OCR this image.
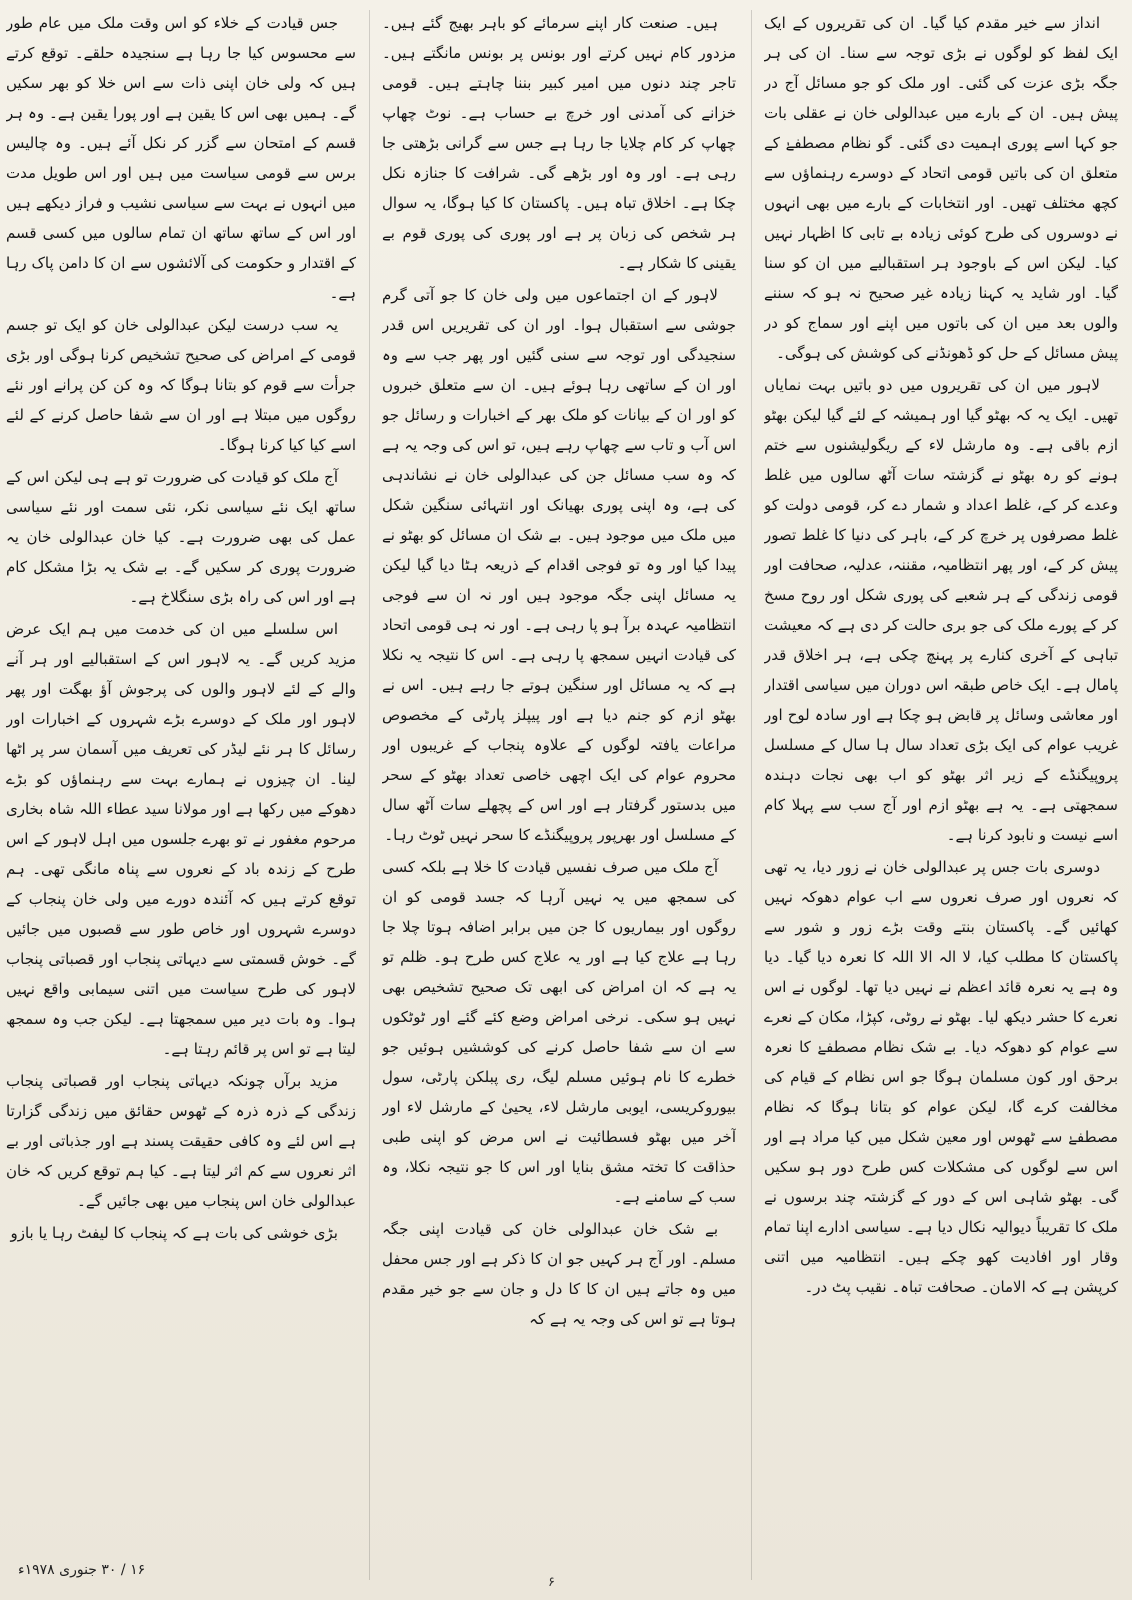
انداز سے خیر مقدم کیا گیا۔ ان کی تقریروں کے ایک ایک لفظ کو لوگوں نے بڑی توجہ سے سنا۔ ان کی ہر جگہ بڑی عزت کی گئی۔ اور ملک کو جو مسائل آج در پیش ہیں۔ ان کے بارے میں عبدالولی خان نے عقلی بات جو کہا اسے پوری اہمیت دی گئی۔ گو نظام مصطفےٰ کے متعلق ان کی باتیں قومی اتحاد کے دوسرے رہنماؤں سے کچھ مختلف تھیں۔ اور انتخابات کے بارے میں بھی انہوں نے دوسروں کی طرح کوئی زیادہ بے تابی کا اظہار نہیں کیا۔ لیکن اس کے باوجود ہر استقبالیے میں ان کو سنا گیا۔ اور شاید یہ کہنا زیادہ غیر صحیح نہ ہو کہ سننے والوں بعد میں ان کی باتوں میں اپنے اور سماج کو در پیش مسائل کے حل کو ڈھونڈنے کی کوشش کی ہوگی۔

لاہور میں ان کی تقریروں میں دو باتیں بہت نمایاں تھیں۔ ایک یہ کہ بھٹو گیا اور ہمیشہ کے لئے گیا لیکن بھٹو ازم باقی ہے۔ وہ مارشل لاء کے ریگولیشنوں سے ختم ہونے کو رہ بھٹو نے گزشتہ سات آٹھ سالوں میں غلط وعدے کر کے، غلط اعداد و شمار دے کر، قومی دولت کو غلط مصرفوں پر خرچ کر کے، باہر کی دنیا کا غلط تصور پیش کر کے، اور پھر انتظامیہ، مقننہ، عدلیہ، صحافت اور قومی زندگی کے ہر شعبے کی پوری شکل اور روح مسخ کر کے پورے ملک کی جو بری حالت کر دی ہے کہ معیشت تباہی کے آخری کنارے پر پہنچ چکی ہے، ہر اخلاق قدر پامال ہے۔ ایک خاص طبقہ اس دوران میں سیاسی اقتدار اور معاشی وسائل پر قابض ہو چکا ہے اور سادہ لوح اور غریب عوام کی ایک بڑی تعداد سال ہا سال کے مسلسل پروپیگنڈے کے زیر اثر بھٹو کو اب بھی نجات دہندہ سمجھتی ہے۔ یہ ہے بھٹو ازم اور آج سب سے پہلا کام اسے نیست و نابود کرنا ہے۔

دوسری بات جس پر عبدالولی خان نے زور دیا، یہ تھی کہ نعروں اور صرف نعروں سے اب عوام دھوکہ نہیں کھائیں گے۔ پاکستان بنتے وقت بڑے زور و شور سے پاکستان کا مطلب کیا، لا الہ الا اللہ کا نعرہ دیا گیا۔ دیا وہ ہے یہ نعرہ قائد اعظم نے نہیں دیا تھا۔ لوگوں نے اس نعرے کا حشر دیکھ لیا۔ بھٹو نے روٹی، کپڑا، مکان کے نعرے سے عوام کو دھوکہ دیا۔ بے شک نظام مصطفےٰ کا نعرہ برحق اور کون مسلمان ہوگا جو اس نظام کے قیام کی مخالفت کرے گا، لیکن عوام کو بتانا ہوگا کہ نظام مصطفےٰ سے ٹھوس اور معین شکل میں کیا مراد ہے اور اس سے لوگوں کی مشکلات کس طرح دور ہو سکیں گی۔ بھٹو شاہی اس کے دور کے گزشتہ چند برسوں نے ملک کا تقریباً دیوالیہ نکال دیا ہے۔ سیاسی ادارے اپنا تمام وقار اور افادیت کھو چکے ہیں۔ انتظامیہ میں اتنی کرپشن ہے کہ الامان۔ صحافت تباہ۔ نقیب پٹ در۔

ہیں۔ صنعت کار اپنے سرمائے کو باہر بھیج گئے ہیں۔ مزدور کام نہیں کرتے اور بونس پر بونس مانگتے ہیں۔ تاجر چند دنوں میں امیر کبیر بننا چاہتے ہیں۔ قومی خزانے کی آمدنی اور خرچ بے حساب ہے۔ نوٹ چھاپ چھاپ کر کام چلایا جا رہا ہے جس سے گرانی بڑھتی جا رہی ہے۔ اور وہ اور بڑھے گی۔ شرافت کا جنازہ نکل چکا ہے۔ اخلاق تباہ ہیں۔ پاکستان کا کیا ہوگا، یہ سوال ہر شخص کی زبان پر ہے اور پوری کی پوری قوم بے یقینی کا شکار ہے۔

لاہور کے ان اجتماعوں میں ولی خان کا جو آتی گرم جوشی سے استقبال ہوا۔ اور ان کی تقریریں اس قدر سنجیدگی اور توجہ سے سنی گئیں اور پھر جب سے وہ اور ان کے ساتھی رہا ہوئے ہیں۔ ان سے متعلق خبروں کو اور ان کے بیانات کو ملک بھر کے اخبارات و رسائل جو اس آب و تاب سے چھاپ رہے ہیں، تو اس کی وجہ یہ ہے کہ وہ سب مسائل جن کی عبدالولی خان نے نشاندہی کی ہے، وہ اپنی پوری بھیانک اور انتہائی سنگین شکل میں ملک میں موجود ہیں۔ بے شک ان مسائل کو بھٹو نے پیدا کیا اور وہ تو فوجی اقدام کے ذریعہ ہٹا دیا گیا لیکن یہ مسائل اپنی جگہ موجود ہیں اور نہ ان سے فوجی انتظامیہ عہدہ برآ ہو پا رہی ہے۔ اور نہ ہی قومی اتحاد کی قیادت انہیں سمجھ پا رہی ہے۔ اس کا نتیجہ یہ نکلا ہے کہ یہ مسائل اور سنگین ہوتے جا رہے ہیں۔ اس نے بھٹو ازم کو جنم دیا ہے اور پیپلز پارٹی کے مخصوص مراعات یافتہ لوگوں کے علاوہ پنجاب کے غریبوں اور محروم عوام کی ایک اچھی خاصی تعداد بھٹو کے سحر میں بدستور گرفتار ہے اور اس کے پچھلے سات آٹھ سال کے مسلسل اور بھرپور پروپیگنڈے کا سحر نہیں ٹوٹ رہا۔

آج ملک میں صرف نفسیں قیادت کا خلا ہے بلکہ کسی کی سمجھ میں یہ نہیں آرہا کہ جسد قومی کو ان روگوں اور بیماریوں کا جن میں برابر اضافہ ہوتا چلا جا رہا ہے علاج کیا ہے اور یہ علاج کس طرح ہو۔ ظلم تو یہ ہے کہ ان امراض کی ابھی تک صحیح تشخیص بھی نہیں ہو سکی۔ نرخی امراض وضع کئے گئے اور ٹوٹکوں سے ان سے شفا حاصل کرنے کی کوششیں ہوئیں جو خطرے کا نام ہوئیں مسلم لیگ، ری پبلکن پارٹی، سول بیوروکریسی، ایوبی مارشل لاء، یحییٰ کے مارشل لاء اور آخر میں بھٹو فسطائیت نے اس مرض کو اپنی طبی حذاقت کا تختہ مشق بنایا اور اس کا جو نتیجہ نکلا، وہ سب کے سامنے ہے۔

بے شک خان عبدالولی خان کی قیادت اپنی جگہ مسلم۔ اور آج ہر کہیں جو ان کا ذکر ہے اور جس محفل میں وہ جاتے ہیں ان کا کا دل و جان سے جو خیر مقدم ہوتا ہے تو اس کی وجہ یہ ہے کہ

جس قیادت کے خلاء کو اس وقت ملک میں عام طور سے محسوس کیا جا رہا ہے سنجیدہ حلقے۔ توقع کرتے ہیں کہ ولی خان اپنی ذات سے اس خلا کو بھر سکیں گے۔ ہمیں بھی اس کا یقین ہے اور پورا یقین ہے۔ وہ ہر قسم کے امتحان سے گزر کر نکل آئے ہیں۔ وہ چالیس برس سے قومی سیاست میں ہیں اور اس طویل مدت میں انہوں نے بہت سے سیاسی نشیب و فراز دیکھے ہیں اور اس کے ساتھ ساتھ ان تمام سالوں میں کسی قسم کے اقتدار و حکومت کی آلائشوں سے ان کا دامن پاک رہا ہے۔

یہ سب درست لیکن عبدالولی خان کو ایک تو جسم قومی کے امراض کی صحیح تشخیص کرنا ہوگی اور بڑی جرأت سے قوم کو بتانا ہوگا کہ وہ کن کن پرانے اور نئے روگوں میں مبتلا ہے اور ان سے شفا حاصل کرنے کے لئے اسے کیا کیا کرنا ہوگا۔

آج ملک کو قیادت کی ضرورت تو ہے ہی لیکن اس کے ساتھ ایک نئے سیاسی نکر، نئی سمت اور نئے سیاسی عمل کی بھی ضرورت ہے۔ کیا خان عبدالولی خان یہ ضرورت پوری کر سکیں گے۔ بے شک یہ بڑا مشکل کام ہے اور اس کی راہ بڑی سنگلاخ ہے۔

اس سلسلے میں ان کی خدمت میں ہم ایک عرض مزید کریں گے۔ یہ لاہور اس کے استقبالیے اور ہر آنے والے کے لئے لاہور والوں کی پرجوش آؤ بھگت اور پھر لاہور اور ملک کے دوسرے بڑے شہروں کے اخبارات اور رسائل کا ہر نئے لیڈر کی تعریف میں آسمان سر پر اٹھا لینا۔ ان چیزوں نے ہمارے بہت سے رہنماؤں کو بڑے دھوکے میں رکھا ہے اور مولانا سید عطاء اللہ شاہ بخاری مرحوم مغفور نے تو بھرے جلسوں میں اہل لاہور کے اس طرح کے زندہ باد کے نعروں سے پناہ مانگی تھی۔ ہم توقع کرتے ہیں کہ آئندہ دورے میں ولی خان پنجاب کے دوسرے شہروں اور خاص طور سے قصبوں میں جائیں گے۔ خوش قسمتی سے دیہاتی پنجاب اور قصباتی پنجاب لاہور کی طرح سیاست میں اتنی سیمابی واقع نہیں ہوا۔ وہ بات دیر میں سمجھتا ہے۔ لیکن جب وہ سمجھ لیتا ہے تو اس پر قائم رہتا ہے۔

مزید برآں چونکہ دیہاتی پنجاب اور قصباتی پنجاب زندگی کے ذرہ ذرہ کے ٹھوس حقائق میں زندگی گزارتا ہے اس لئے وہ کافی حقیقت پسند ہے اور جذباتی اور بے اثر نعروں سے کم اثر لیتا ہے۔ کیا ہم توقع کریں کہ خان عبدالولی خان اس پنجاب میں بھی جائیں گے۔

بڑی خوشی کی بات ہے کہ پنجاب کا لیفٹ رہا یا بازو

۱۶ / ۳۰ جنوری ۱۹۷۸ء
۶
